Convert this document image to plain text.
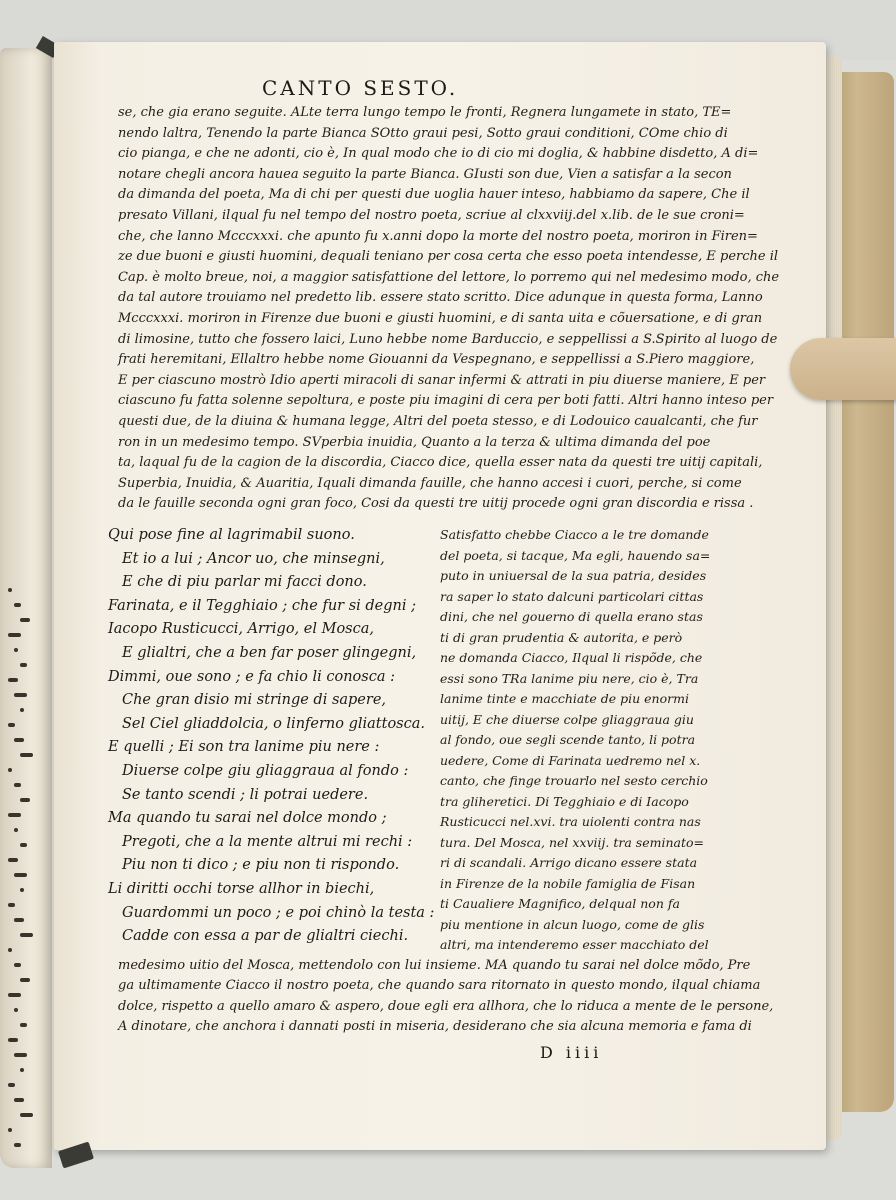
CANTO SESTO.
se, che gia erano seguite. ALte terra lungo tempo le fronti, Regnera lungamete in stato, TE=
nendo laltra, Tenendo la parte Bianca SOtto graui pesi, Sotto graui conditioni, COme chio di
cio pianga, e che ne adonti, cio è, In qual modo che io di cio mi doglia, & habbine disdetto, A di=
notare chegli ancora hauea seguito la parte Bianca. GIusti son due, Vien a satisfar a la secon
da dimanda del poeta, Ma di chi per questi due uoglia hauer inteso, habbiamo da sapere, Che il
presato Villani, ilqual fu nel tempo del nostro poeta, scriue al clxxviij.del x.lib. de le sue croni=
che, che lanno Mcccxxxi. che apunto fu x.anni dopo la morte del nostro poeta, moriron in Firen=
ze due buoni e giusti huomini, dequali teniano per cosa certa che esso poeta intendesse, E perche il
Cap. è molto breue, noi, a maggior satisfattione del lettore, lo porremo qui nel medesimo modo, che
da tal autore trouiamo nel predetto lib. essere stato scritto. Dice adunque in questa forma, Lanno
Mcccxxxi. moriron in Firenze due buoni e giusti huomini, e di santa uita e cõuersatione, e di gran
di limosine, tutto che fossero laici, Luno hebbe nome Barduccio, e seppellissi a S.Spirito al luogo de
frati heremitani, Ellaltro hebbe nome Giouanni da Vespegnano, e seppellissi a S.Piero maggiore,
E per ciascuno mostrò Idio aperti miracoli di sanar infermi & attrati in piu diuerse maniere, E per
ciascuno fu fatta solenne sepoltura, e poste piu imagini di cera per boti fatti. Altri hanno inteso per
questi due, de la diuina & humana legge, Altri del poeta stesso, e di Lodouico caualcanti, che fur
ron in un medesimo tempo. SVperbia inuidia, Quanto a la terza & ultima dimanda del poe
ta, laqual fu de la cagion de la discordia, Ciacco dice, quella esser nata da questi tre uitij capitali,
Superbia, Inuidia, & Auaritia, Iquali dimanda fauille, che hanno accesi i cuori, perche, si come
da le fauille seconda ogni gran foco, Cosi da questi tre uitij procede ogni gran discordia e rissa .
Qui pose fine al lagrimabil suono.
Et io a lui ; Ancor uo, che minsegni,
E che di piu parlar mi facci dono.
Farinata, e il Tegghiaio ; che fur si degni ;
Iacopo Rusticucci, Arrigo, el Mosca,
E glialtri, che a ben far poser glingegni,
Dimmi, oue sono ; e fa chio li conosca :
Che gran disio mi stringe di sapere,
Sel Ciel gliaddolcia, o linferno gliattosca.
E quelli ; Ei son tra lanime piu nere :
Diuerse colpe giu gliaggraua al fondo :
Se tanto scendi ; li potrai uedere.
Ma quando tu sarai nel dolce mondo ;
Pregoti, che a la mente altrui mi rechi :
Piu non ti dico ; e piu non ti rispondo.
Li diritti occhi torse allhor in biechi,
Guardommi un poco ; e poi chinò la testa :
Cadde con essa a par de glialtri ciechi.
Satisfatto chebbe Ciacco a le tre domande
del poeta, si tacque, Ma egli, hauendo sa=
puto in uniuersal de la sua patria, desides
ra saper lo stato dalcuni particolari cittas
dini, che nel gouerno di quella erano stas
ti di gran prudentia & autorita, e però
ne domanda Ciacco, Ilqual li rispõde, che
essi sono TRa lanime piu nere, cio è, Tra
lanime tinte e macchiate de piu enormi
uitij, E che diuerse colpe gliaggraua giu
al fondo, oue segli scende tanto, li potra
uedere, Come di Farinata uedremo nel x.
canto, che finge trouarlo nel sesto cerchio
tra gliheretici. Di Tegghiaio e di Iacopo
Rusticucci nel.xvi. tra uiolenti contra nas
tura. Del Mosca, nel xxviij. tra seminato=
ri di scandali. Arrigo dicano essere stata
in Firenze de la nobile famiglia de Fisan
ti Caualiere Magnifico, delqual non fa
piu mentione in alcun luogo, come de glis
altri, ma intenderemo esser macchiato del
medesimo uitio del Mosca, mettendolo con lui insieme. MA quando tu sarai nel dolce mõdo, Pre
ga ultimamente Ciacco il nostro poeta, che quando sara ritornato in questo mondo, ilqual chiama
dolce, rispetto a quello amaro & aspero, doue egli era allhora, che lo riduca a mente de le persone,
A dinotare, che anchora i dannati posti in miseria, desiderano che sia alcuna memoria e fama di
D iiii
